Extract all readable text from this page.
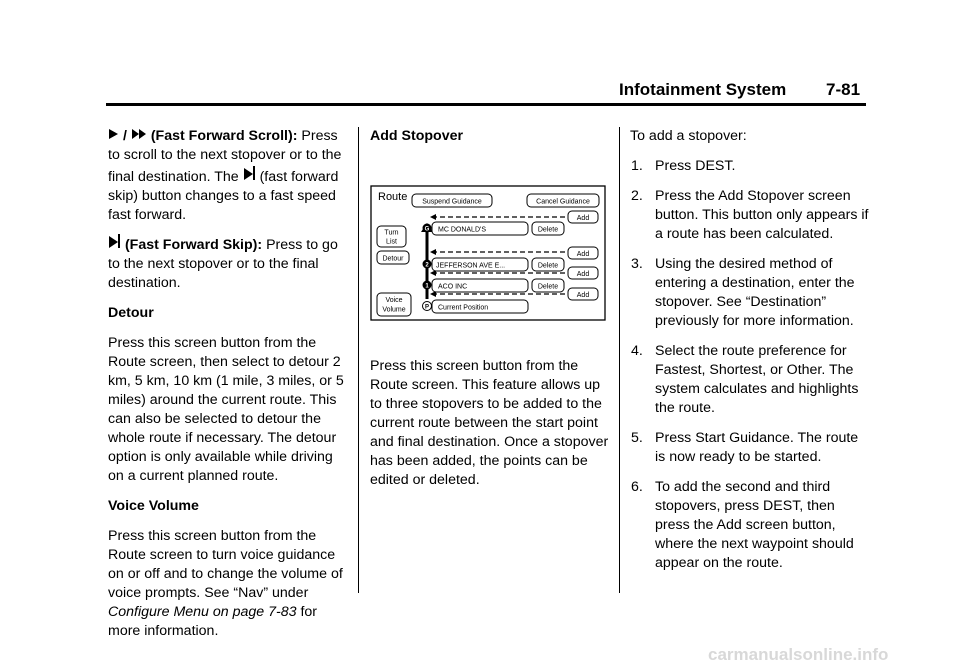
Infotainment System 7-81

/ (Fast Forward Scroll): Press to scroll to the next stopover or to the final destination. The (fast forward skip) button changes to a fast speed fast forward.

(Fast Forward Skip): Press to go to the next stopover or to the final destination.

Detour

Press this screen button from the Route screen, then select to detour 2 km, 5 km, 10 km (1 mile, 3 miles, or 5 miles) around the current route. This can also be selected to detour the whole route if necessary. The detour option is only available while driving on a current planned route.

Voice Volume

Press this screen button from the Route screen to turn voice guidance on or off and to change the volume of voice prompts. See “Nav” under Configure Menu on page 7-83 for more information.

Add Stopover

Route Suspend Guidance	Cancel Guidance
Turn
List
Detour
Voice
Volume
Add
Add
Add
Add
MC DONALD'S
JEFFERSON AVE E...
ACO INC
Current Position
Delete
Delete
Delete
G
2
1
P

Press this screen button from the Route screen. This feature allows up to three stopovers to be added to the current route between the start point and final destination. Once a stopover has been added, the points can be edited or deleted.

To add a stopover:

1. Press DEST.
2. Press the Add Stopover screen button. This button only appears if a route has been calculated.
3. Using the desired method of entering a destination, enter the stopover. See “Destination” previously for more information.
4. Select the route preference for Fastest, Shortest, or Other. The system calculates and highlights the route.
5. Press Start Guidance. The route is now ready to be started.
6. To add the second and third stopovers, press DEST, then press the Add screen button, where the next waypoint should appear on the route.
carmanualsonline.info
